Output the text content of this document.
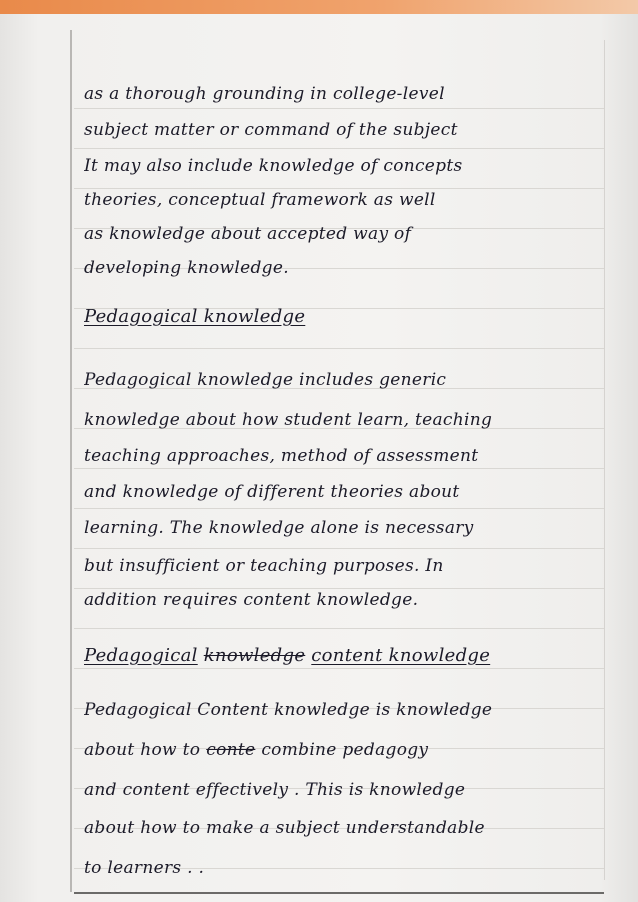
as a thorough grounding in college-level
subject matter or command of the subject
It may also include knowledge of concepts
theories, conceptual framework as well
as knowledge about accepted way of
developing knowledge.
Pedagogical knowledge
Pedagogical knowledge includes generic
knowledge about how student learn, teaching
teaching approaches, method of assessment
and knowledge of different theories about
learning. The knowledge alone is necessary
but insufficient or teaching purposes. In
addition requires content knowledge.
Pedagogical knowledge content knowledge
Pedagogical Content knowledge is knowledge
about how to conte combine pedagogy
and content effectively . This is knowledge
about how to make a subject understandable
to learners . .
